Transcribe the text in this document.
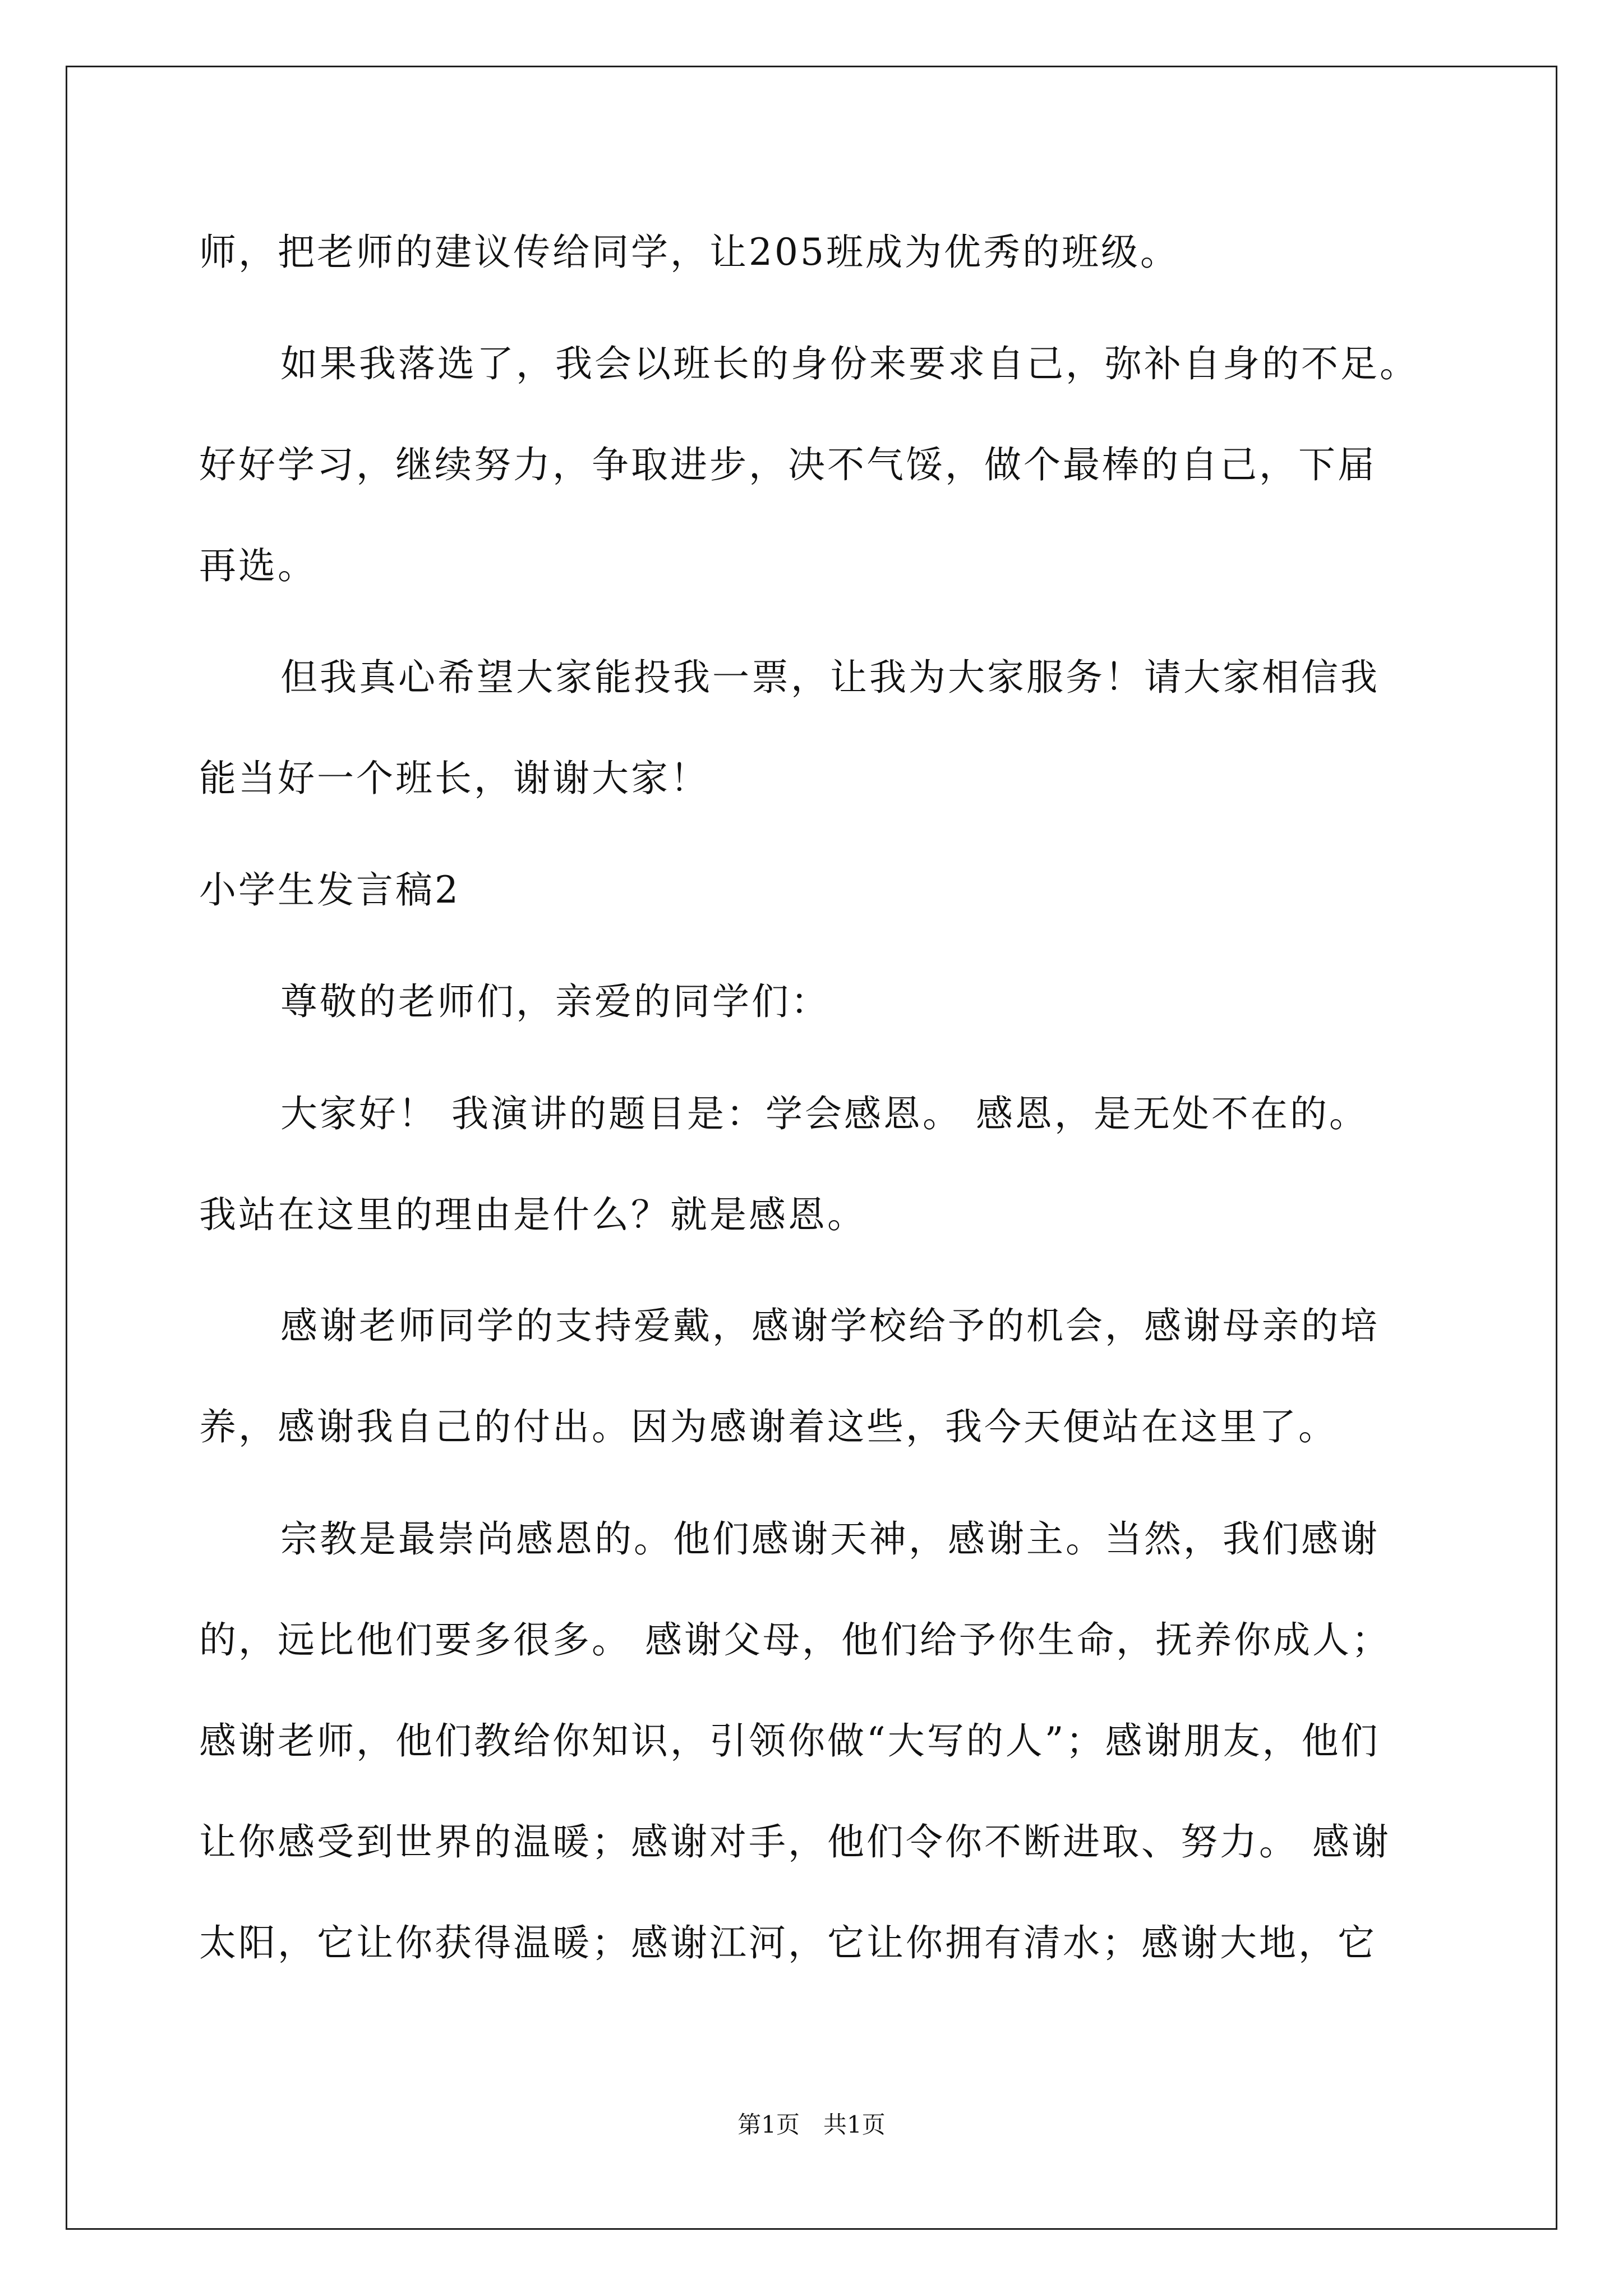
师，把老师的建议传给同学，让205班成为优秀的班级。
如果我落选了，我会以班长的身份来要求自己，弥补自身的不足。
好好学习，继续努力，争取进步，决不气馁，做个最棒的自己，下届
再选。
但我真心希望大家能投我一票，让我为大家服务！请大家相信我
能当好一个班长，谢谢大家！
小学生发言稿2
尊敬的老师们，亲爱的同学们：
大家好！ 我演讲的题目是：学会感恩。 感恩，是无处不在的。
我站在这里的理由是什么？就是感恩。
感谢老师同学的支持爱戴，感谢学校给予的机会，感谢母亲的培
养，感谢我自己的付出。因为感谢着这些，我今天便站在这里了。
宗教是最崇尚感恩的。他们感谢天神，感谢主。当然，我们感谢
的，远比他们要多很多。 感谢父母，他们给予你生命，抚养你成人；
感谢老师，他们教给你知识，引领你做“大写的人”；感谢朋友，他们
让你感受到世界的温暖；感谢对手，他们令你不断进取、努力。 感谢
太阳，它让你获得温暖；感谢江河，它让你拥有清水；感谢大地，它
第1页　共1页
